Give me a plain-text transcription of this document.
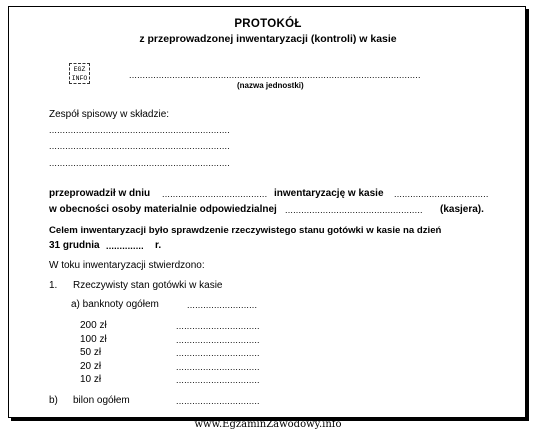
PROTOKÓŁ
z przeprowadzonej inwentaryzacji (kontroli) w kasie
EGZ INFO	............................................................................................................
(nazwa jednostki)
Zespół spisowy w składzie:
...................................................................
...................................................................
...................................................................
przeprowadził w dniu ....................................... inwentaryzację w kasie ...................................
w obecności osoby materialnie odpowiedzialnej ................................................... (kasjera).
Celem inwentaryzacji było sprawdzenie rzeczywistego stanu gotówki w kasie na dzień
31 grudnia .............. r.
W toku inwentaryzacji stwierdzono:
1. Rzeczywisty stan gotówki w kasie
a) banknoty ogółem	..........................
200 zł	...............................
100 zł	...............................
50 zł	...............................
20 zł	...............................
10 zł	...............................
b) bilon ogółem	...............................
www.EgzaminZawodowy.info
